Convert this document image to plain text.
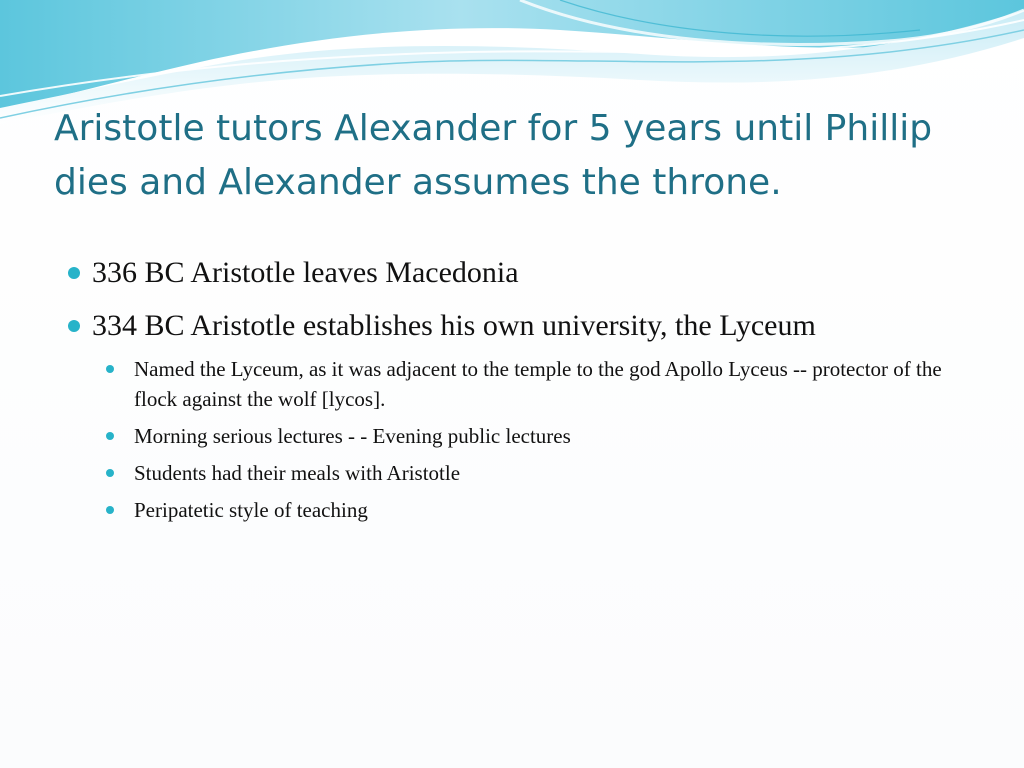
Aristotle tutors Alexander for 5 years until Phillip dies and Alexander assumes the throne.
336 BC Aristotle leaves Macedonia
334 BC Aristotle establishes his own university, the Lyceum
Named the Lyceum, as it was adjacent to the temple to the god Apollo Lyceus -- protector of the flock against the wolf [lycos].
Morning serious lectures - - Evening public lectures
Students had their meals with Aristotle
Peripatetic style of teaching
